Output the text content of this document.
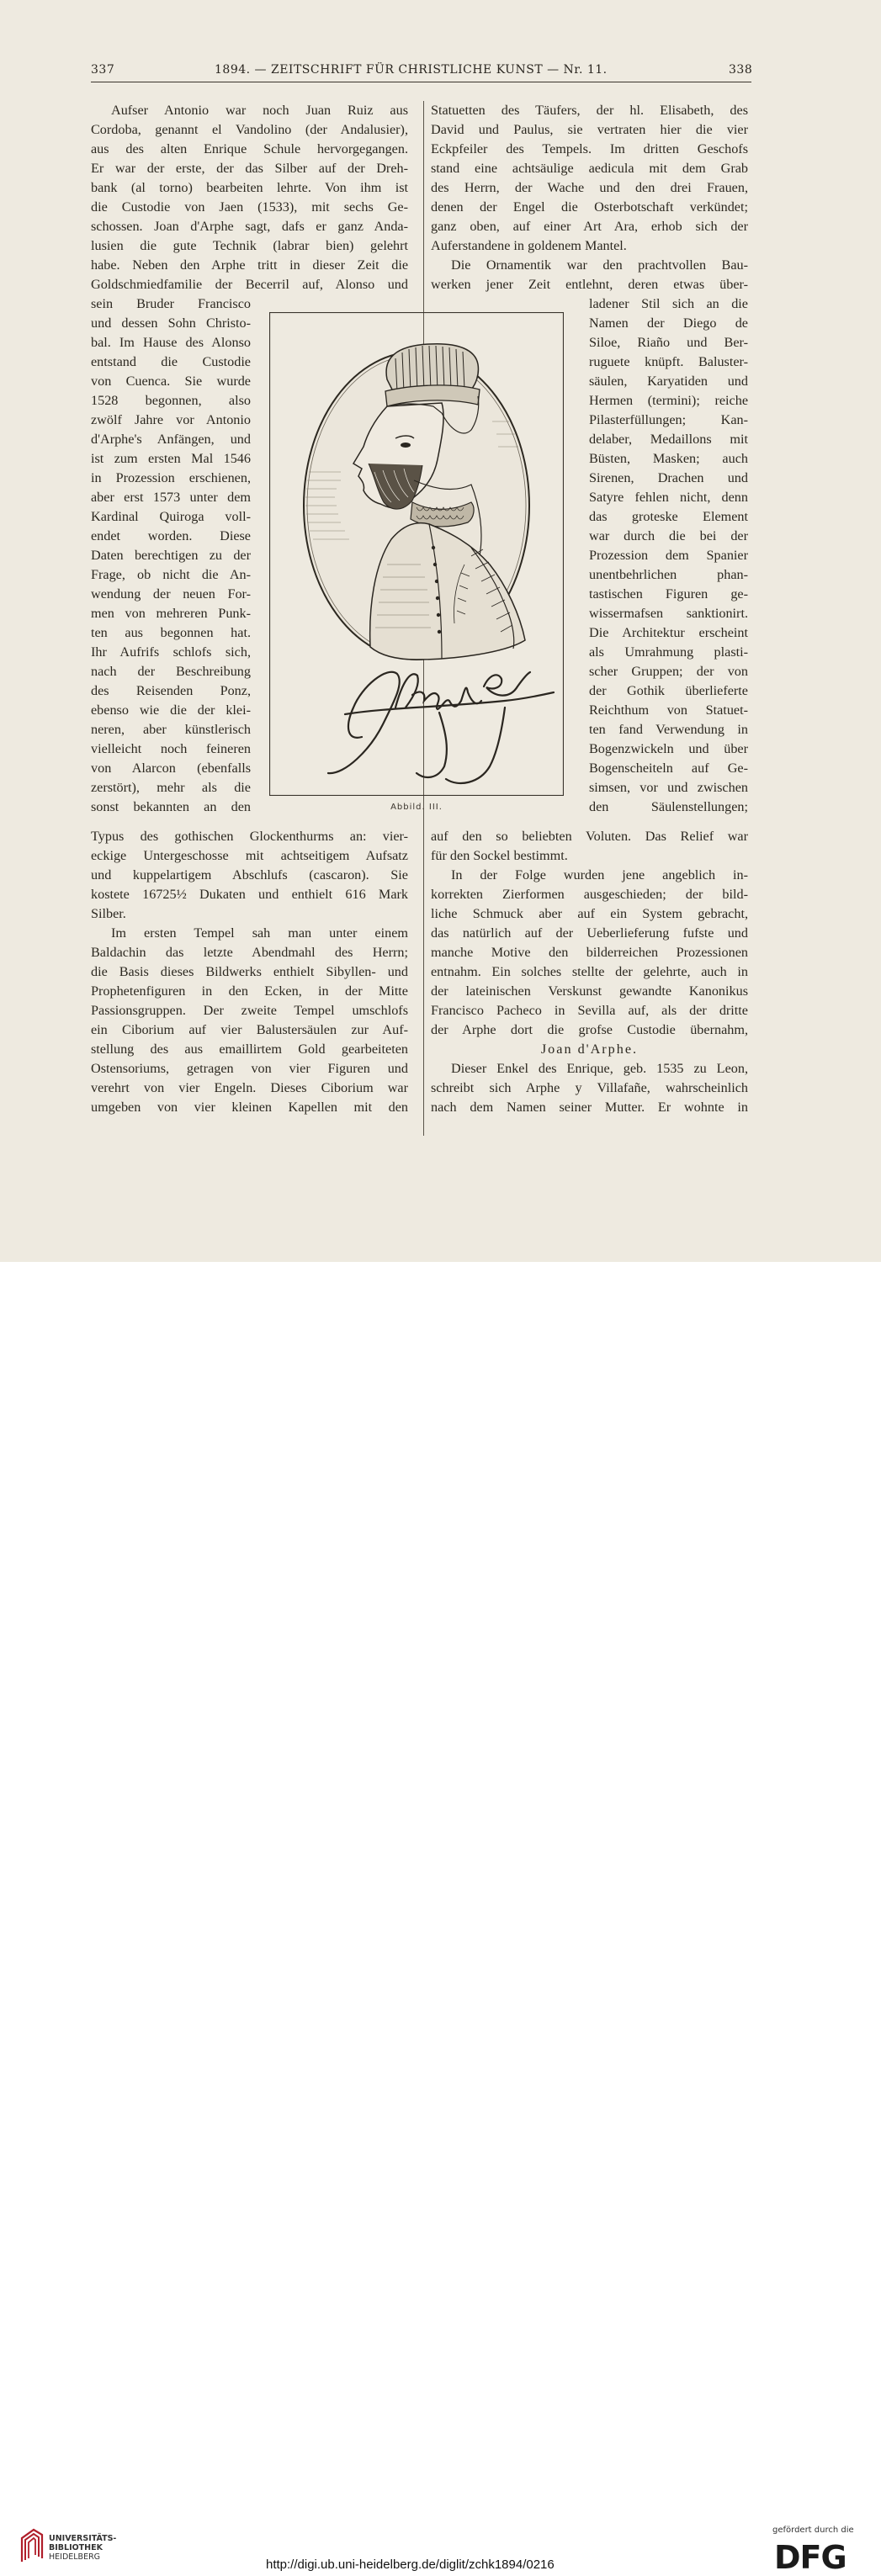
337	1894. — ZEITSCHRIFT FÜR CHRISTLICHE KUNST — Nr. 11.	338

Aufser Antonio war noch Juan Ruiz aus

Cordoba, genannt el Vandolino (der Andalusier),

aus des alten Enrique Schule hervorgegangen.

Er war der erste, der das Silber auf der Dreh-

bank (al torno) bearbeiten lehrte. Von ihm ist

die Custodie von Jaen (1533), mit sechs Ge-

schossen. Joan d'Arphe sagt, dafs er ganz Anda-

lusien die gute Technik (labrar bien) gelehrt

habe. Neben den Arphe tritt in dieser Zeit die

Goldschmiedfamilie der Becerril auf, Alonso und

sein Bruder Francisco

und dessen Sohn Christo-

bal. Im Hause des Alonso

entstand die Custodie

von Cuenca. Sie wurde

1528 begonnen, also

zwölf Jahre vor Antonio

d'Arphe's Anfängen, und

ist zum ersten Mal 1546

in Prozession erschienen,

aber erst 1573 unter dem

Kardinal Quiroga voll-

endet worden. Diese

Daten berechtigen zu der

Frage, ob nicht die An-

wendung der neuen For-

men von mehreren Punk-

ten aus begonnen hat.

Ihr Aufrifs schlofs sich,

nach der Beschreibung

des Reisenden Ponz,

ebenso wie die der klei-

neren, aber künstlerisch

vielleicht noch feineren

von Alarcon (ebenfalls

zerstört), mehr als die

sonst bekannten an den

Typus des gothischen Glockenthurms an: vier-

eckige Untergeschosse mit achtseitigem Aufsatz

und kuppelartigem Abschlufs (cascaron). Sie

kostete 16725½ Dukaten und enthielt 616 Mark

Silber.

Im ersten Tempel sah man unter einem

Baldachin das letzte Abendmahl des Herrn;

die Basis dieses Bildwerks enthielt Sibyllen- und

Prophetenfiguren in den Ecken, in der Mitte

Passionsgruppen. Der zweite Tempel umschlofs

ein Ciborium auf vier Balustersäulen zur Auf-

stellung des aus emaillirtem Gold gearbeiteten

Ostensoriums, getragen von vier Figuren und

verehrt von vier Engeln. Dieses Ciborium war

umgeben von vier kleinen Kapellen mit den

Statuetten des Täufers, der hl. Elisabeth, des

David und Paulus, sie vertraten hier die vier

Eckpfeiler des Tempels. Im dritten Geschofs

stand eine achtsäulige aedicula mit dem Grab

des Herrn, der Wache und den drei Frauen,

denen der Engel die Osterbotschaft verkündet;

ganz oben, auf einer Art Ara, erhob sich der

Auferstandene in goldenem Mantel.

Die Ornamentik war den prachtvollen Bau-

werken jener Zeit entlehnt, deren etwas über-

ladener Stil sich an die

Namen der Diego de

Siloe, Riaño und Ber-

ruguete knüpft. Baluster-

säulen, Karyatiden und

Hermen (termini); reiche

Pilasterfüllungen; Kan-

delaber, Medaillons mit

Büsten, Masken; auch

Sirenen, Drachen und

Satyre fehlen nicht, denn

das groteske Element

war durch die bei der

Prozession dem Spanier

unentbehrlichen phan-

tastischen Figuren ge-

wissermafsen sanktionirt.

Die Architektur erscheint

als Umrahmung plasti-

scher Gruppen; der von

der Gothik überlieferte

Reichthum von Statuet-

ten fand Verwendung in

Bogenzwickeln und über

Bogenscheiteln auf Ge-

simsen, vor und zwischen

den Säulenstellungen;

auf den so beliebten Voluten. Das Relief war

für den Sockel bestimmt.

In der Folge wurden jene angeblich in-

korrekten Zierformen ausgeschieden; der bild-

liche Schmuck aber auf ein System gebracht,

das natürlich auf der Ueberlieferung fufste und

manche Motive den bilderreichen Prozessionen

entnahm. Ein solches stellte der gelehrte, auch in

der lateinischen Verskunst gewandte Kanonikus

Francisco Pacheco in Sevilla auf, als der dritte

der Arphe dort die grofse Custodie übernahm,

Joan d'Arphe.

Dieser Enkel des Enrique, geb. 1535 zu Leon,

schreibt sich Arphe y Villafañe, wahrscheinlich

nach dem Namen seiner Mutter. Er wohnte in

Abbild. III.
UNIVERSITÄTS-
BIBLIOTHEK
HEIDELBERG
http://digi.ub.uni-heidelberg.de/diglit/zchk1894/0216
gefördert durch die
DFG
